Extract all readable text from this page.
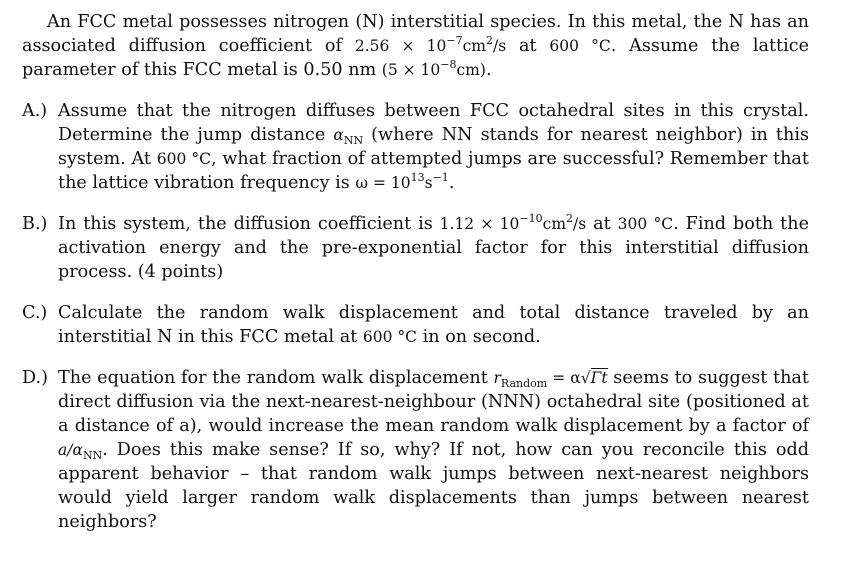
An FCC metal possesses nitrogen (N) interstitial species. In this metal, the N has an associated diffusion coefficient of $2.56 \times 10^{-7}cm^2/s$ at 600 °C. Assume the lattice parameter of this FCC metal is 0.50 nm $(5 \times 10^{-8}cm)$.

A.) Assume that the nitrogen diffuses between FCC octahedral sites in this crystal. Determine the jump distance $\alpha_{NN}$ (where NN stands for nearest neighbor) in this system. At 600 °C, what fraction of attempted jumps are successful? Remember that the lattice vibration frequency is $\omega = 10^{13}s^{-1}$.
B.) In this system, the diffusion coefficient is $1.12 \times 10^{-10}cm^2/s$ at 300 °C. Find both the activation energy and the pre-exponential factor for this interstitial diffusion process. (4 points)
C.) Calculate the random walk displacement and total distance traveled by an interstitial N in this FCC metal at 600 °C in on second.
D.) The equation for the random walk displacement $r_{Random} = \alpha√\Gamma t$ seems to suggest that direct diffusion via the next-nearest-neighbour (NNN) octahedral site (positioned at a distance of a), would increase the mean random walk displacement by a factor of $a/\alpha_{NN}$. Does this make sense? If so, why? If not, how can you reconcile this odd apparent behavior – that random walk jumps between next-nearest neighbors would yield larger random walk displacements than jumps between nearest neighbors?
